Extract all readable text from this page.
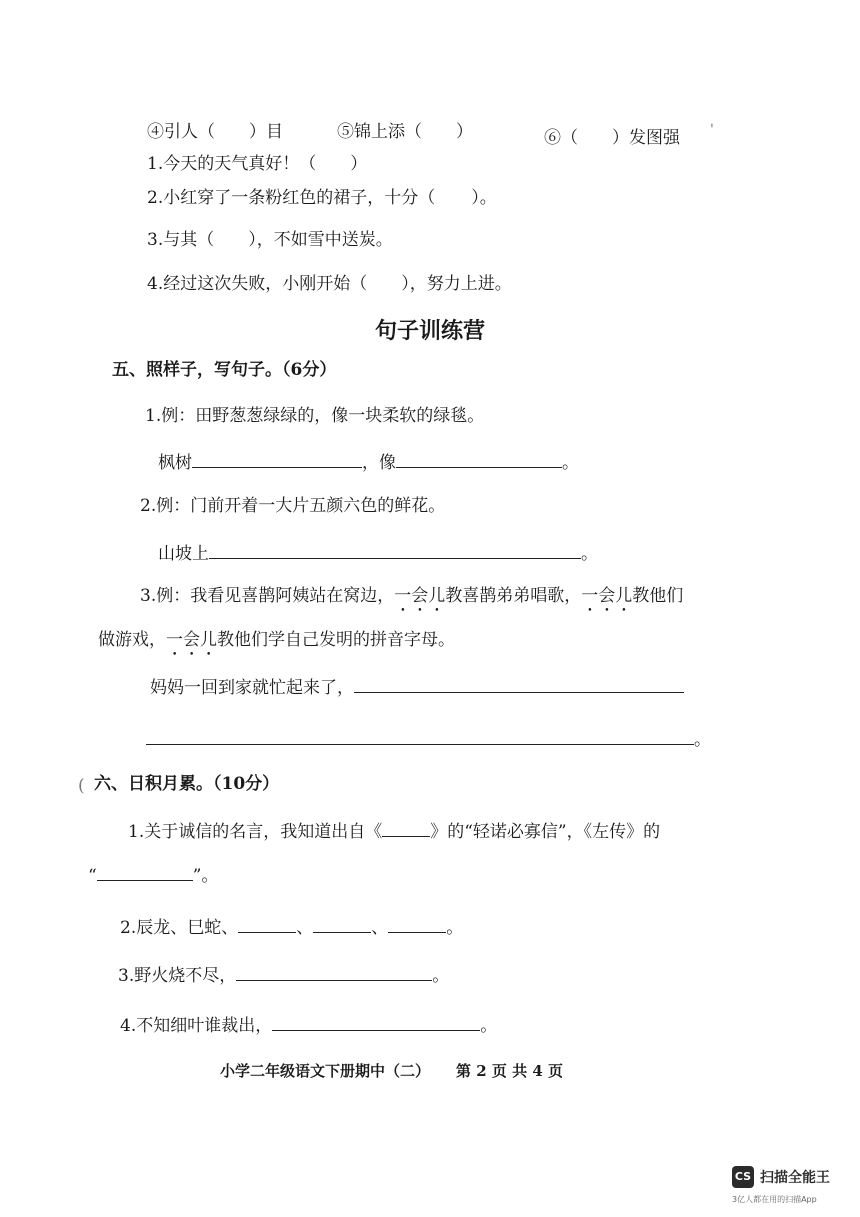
④引人（　　）目	⑤锦上添（　　）	⑥（　　）发图强 '
1.今天的天气真好！（　　）
2.小红穿了一条粉红色的裙子，十分（ ）。
3.与其（　　），不如雪中送炭。
4.经过这次失败，小刚开始（　　），努力上进。
句子训练营
五、照样子，写句子。（6分）
1.例：田野葱葱绿绿的，像一块柔软的绿毯。
枫树	，像	。
2.例：门前开着一大片五颜六色的鲜花。
山坡上	。
3.例：我看见喜鹊阿姨站在窝边，一会儿教喜鹊弟弟唱歌，一会儿教他们
做游戏，一会儿教他们学自己发明的拼音字母。
妈妈一回到家就忙起来了，
。
( 六、日积月累。（10分）
1.关于诚信的名言，我知道出自《	》的“轻诺必寡信”，《左传》的
“	”。
2.辰龙、巳蛇、	、	、	。
3.野火烧不尽，	。
4.不知细叶谁裁出，	。
小学二年级语文下册期中（二） 第 2 页 共 4 页
CS 扫描全能王
3亿人都在用的扫描App
